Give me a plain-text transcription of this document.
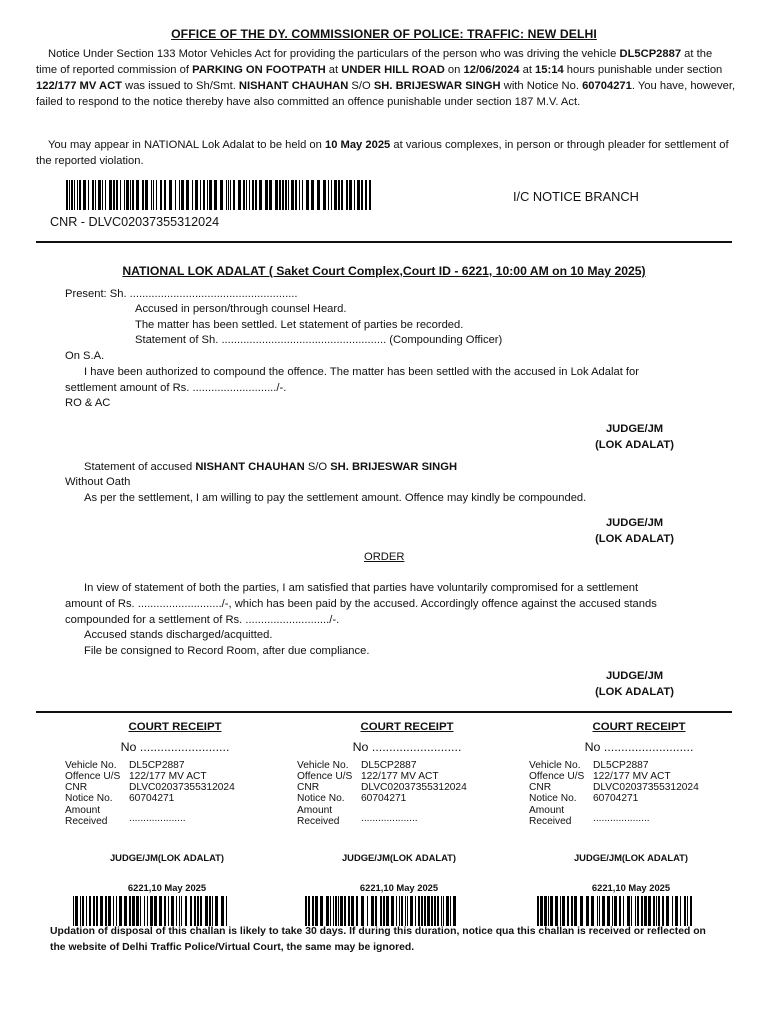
OFFICE OF THE DY. COMMISSIONER OF POLICE: TRAFFIC: NEW DELHI
Notice Under Section 133 Motor Vehicles Act for providing the particulars of the person who was driving the vehicle DL5CP2887 at the time of reported commission of PARKING ON FOOTPATH at UNDER HILL ROAD on 12/06/2024 at 15:14 hours punishable under section 122/177 MV ACT was issued to Sh/Smt. NISHANT CHAUHAN S/O SH. BRIJESWAR SINGH with Notice No. 60704271. You have, however, failed to respond to the notice thereby have also committed an offence punishable under section 187 M.V. Act.
You may appear in NATIONAL Lok Adalat to be held on 10 May 2025 at various complexes, in person or through pleader for settlement of the reported violation.
CNR - DLVC02037355312024
I/C NOTICE BRANCH
NATIONAL LOK ADALAT ( Saket Court Complex,Court ID - 6221, 10:00 AM on 10 May 2025)
Present: Sh. ......................................................
Accused in person/through counsel Heard.
The matter has been settled. Let statement of parties be recorded.
Statement of Sh. ..................................................... (Compounding Officer)
On S.A.
I have been authorized to compound the offence. The matter has been settled with the accused in Lok Adalat for
settlement amount of Rs. .........................../-.
RO & AC
JUDGE/JM
(LOK ADALAT)
Statement of accused NISHANT CHAUHAN S/O SH. BRIJESWAR SINGH
Without Oath
As per the settlement, I am willing to pay the settlement amount. Offence may kindly be compounded.
JUDGE/JM
(LOK ADALAT)
ORDER
In view of statement of both the parties, I am satisfied that parties have voluntarily compromised for a settlement
amount of Rs. .........................../-, which has been paid by the accused. Accordingly offence against the accused stands
compounded for a settlement of Rs. .........................../-.
Accused stands discharged/acquitted.
File be consigned to Record Room, after due compliance.
JUDGE/JM
(LOK ADALAT)
COURT RECEIPT
No ..........................
Vehicle No.	DL5CP2887
Offence U/S	122/177 MV ACT
CNR	DLVC02037355312024
Notice No.	60704271
Amount	
Received	....................
JUDGE/JM(LOK ADALAT)
6221,10 May 2025
COURT RECEIPT
No ..........................
Vehicle No.	DL5CP2887
Offence U/S	122/177 MV ACT
CNR	DLVC02037355312024
Notice No.	60704271
Amount	
Received	....................
JUDGE/JM(LOK ADALAT)
6221,10 May 2025
COURT RECEIPT
No ..........................
Vehicle No.	DL5CP2887
Offence U/S	122/177 MV ACT
CNR	DLVC02037355312024
Notice No.	60704271
Amount	
Received	....................
JUDGE/JM(LOK ADALAT)
6221,10 May 2025
Updation of disposal of this challan is likely to take 30 days. If during this duration, notice qua this challan is received or reflected on the website of Delhi Traffic Police/Virtual Court, the same may be ignored.
